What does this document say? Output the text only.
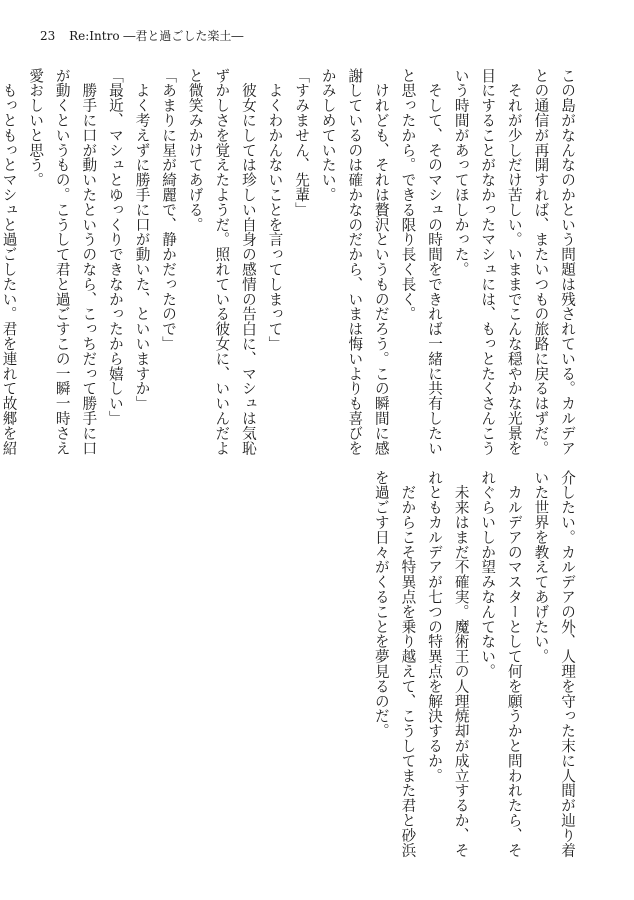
23 Re:Intro ―君と過ごした楽土―

この島がなんなのかという問題は残されている。カルデア

との通信が再開すれば、またいつもの旅路に戻るはずだ。

　それが少しだけ苦しい。いままでこんな穏やかな光景を

目にすることがなかったマシュには、もっとたくさんこう

いう時間があってほしかった。

　そして、そのマシュの時間をできれば一緒に共有したい

と思ったから。できる限り長く長く。

　けれども、それは贅沢というものだろう。この瞬間に感

謝しているのは確かなのだから、いまは悔いよりも喜びを

かみしめていたい。

「すみません、先輩」

　よくわかんないことを言ってしまって」

　彼女にしては珍しい自身の感情の告白に、マシュは気恥

ずかしさを覚えたようだ。照れている彼女に、いいんだよ

と微笑みかけてあげる。

「あまりに星が綺麗で、静かだったので」

　よく考えずに勝手に口が動いた、といいますか」

「最近、マシュとゆっくりできなかったから嬉しい」

　勝手に口が動いたというのなら、こっちだって勝手に口

が動くというもの。こうして君と過ごすこの一瞬一時さえ

愛おしいと思う。

　もっともっとマシュと過ごしたい。君を連れて故郷を紹

介したい。カルデアの外、人理を守った末に人間が辿り着

いた世界を教えてあげたい。

　カルデアのマスターとして何を願うかと問われたら、そ

れぐらいしか望みなんてない。

　未来はまだ不確実。魔術王の人理焼却が成立するか、そ

れともカルデアが七つの特異点を解決するか。

　だからこそ特異点を乗り越えて、こうしてまた君と砂浜

を過ごす日々がくることを夢見るのだ。
